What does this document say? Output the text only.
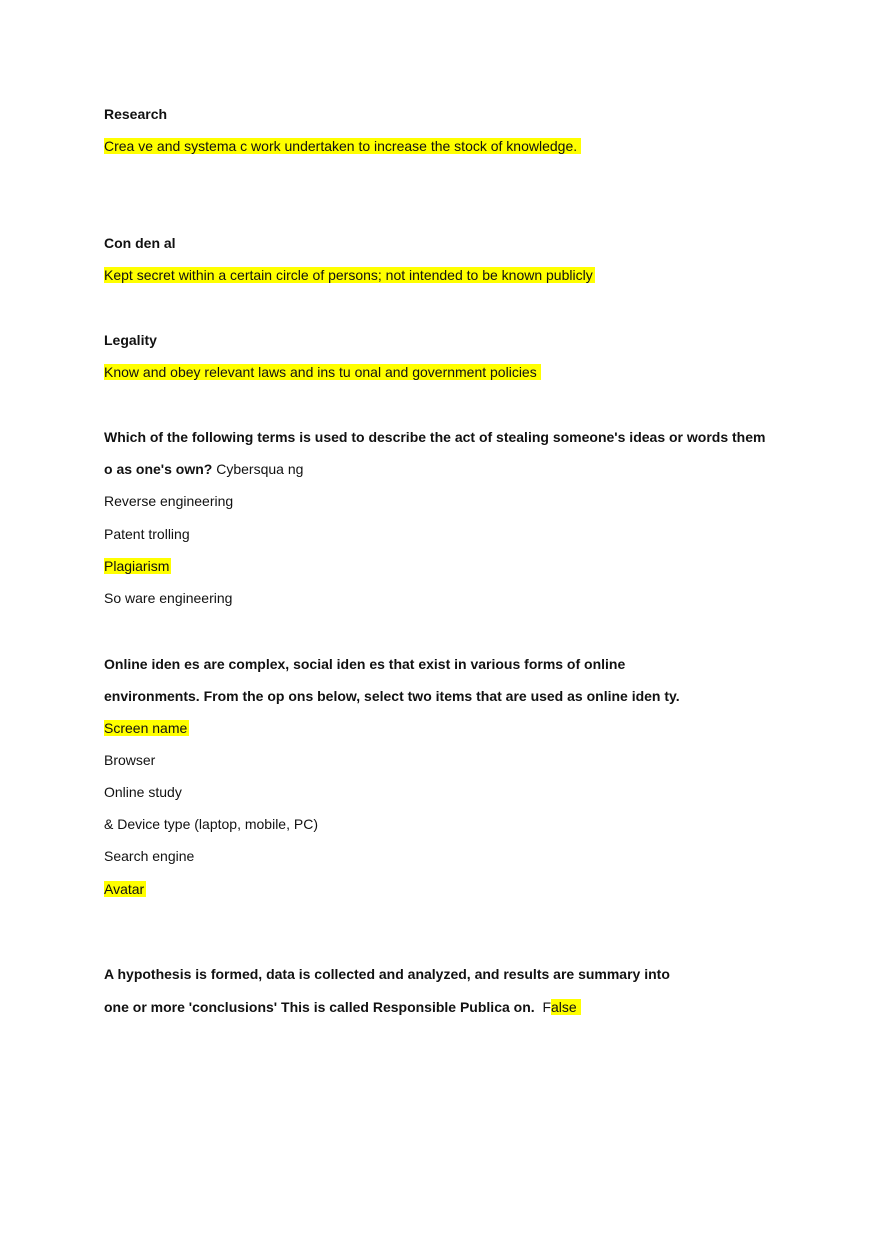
Research
Crea ve and systema c work undertaken to increase the stock of knowledge.
Con den al
Kept secret within a certain circle of persons; not intended to be known publicly
Legality
Know and obey relevant laws and ins tu onal and government policies
Which of the following terms is used to describe the act of stealing someone's ideas or words them
o as one's own? Cybersqua ng
Reverse engineering
Patent trolling
Plagiarism
So ware engineering
Online iden es are complex, social iden es that exist in various forms of online
environments. From the op ons below, select two items that are used as online iden ty.
Screen name
Browser
Online study
& Device type (laptop, mobile, PC)
Search engine
Avatar
A hypothesis is formed, data is collected and analyzed, and results are summary into
one or more 'conclusions' This is called Responsible Publica on. False
